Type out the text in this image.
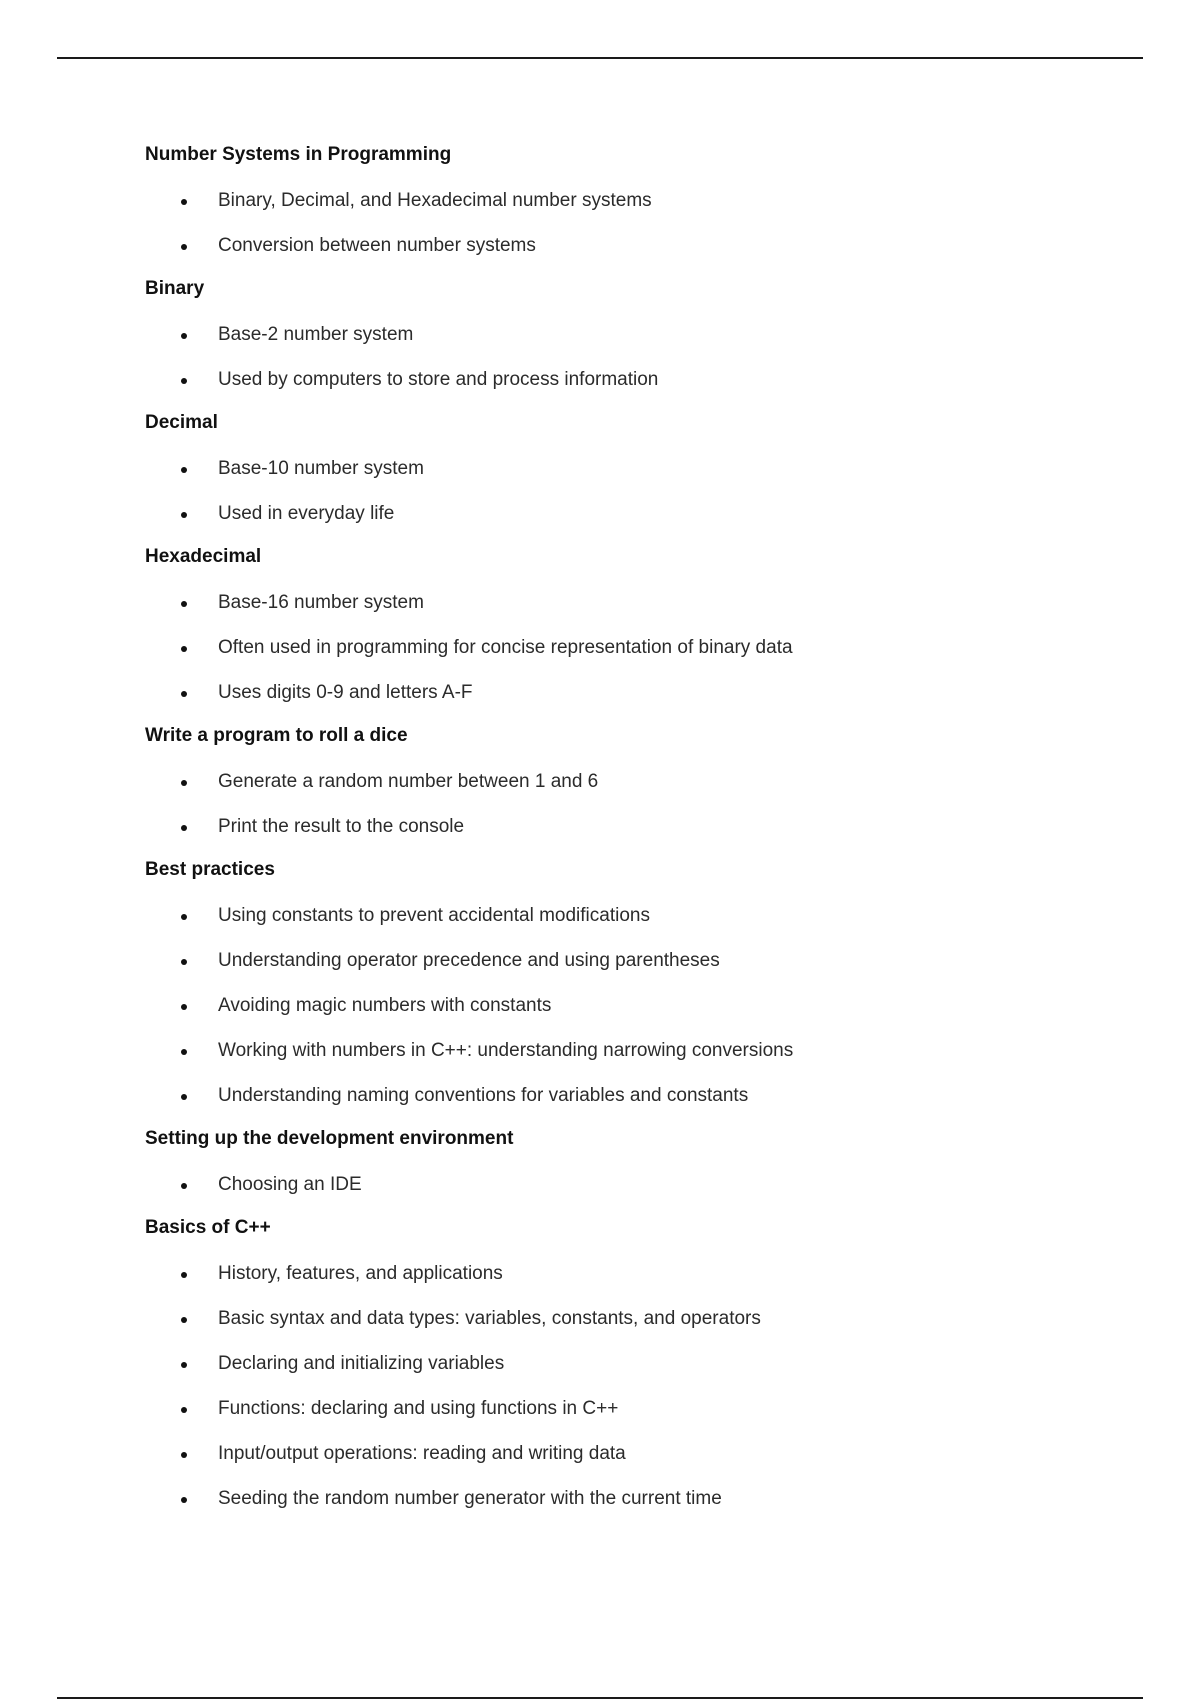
Number Systems in Programming
Binary, Decimal, and Hexadecimal number systems
Conversion between number systems
Binary
Base-2 number system
Used by computers to store and process information
Decimal
Base-10 number system
Used in everyday life
Hexadecimal
Base-16 number system
Often used in programming for concise representation of binary data
Uses digits 0-9 and letters A-F
Write a program to roll a dice
Generate a random number between 1 and 6
Print the result to the console
Best practices
Using constants to prevent accidental modifications
Understanding operator precedence and using parentheses
Avoiding magic numbers with constants
Working with numbers in C++: understanding narrowing conversions
Understanding naming conventions for variables and constants
Setting up the development environment
Choosing an IDE
Basics of C++
History, features, and applications
Basic syntax and data types: variables, constants, and operators
Declaring and initializing variables
Functions: declaring and using functions in C++
Input/output operations: reading and writing data
Seeding the random number generator with the current time
